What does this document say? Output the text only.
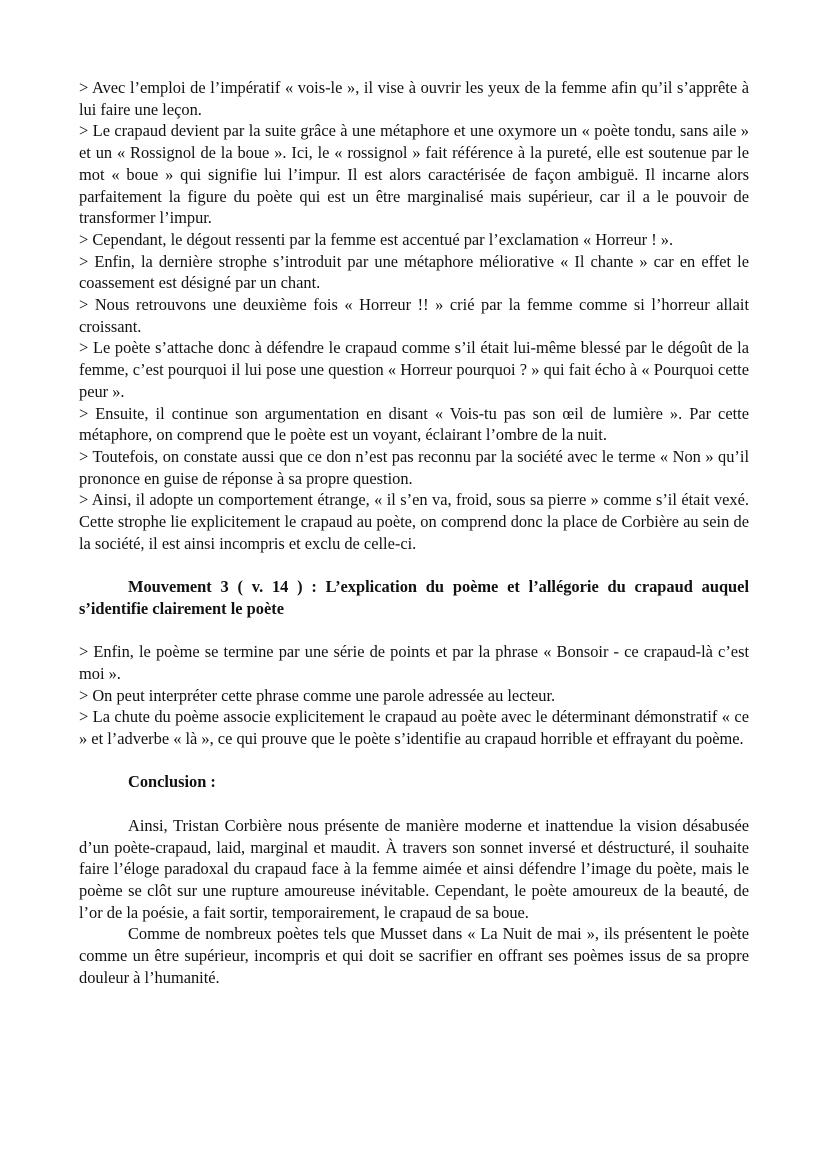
> Avec l’emploi de l’impératif « vois-le », il vise à ouvrir les yeux de la femme afin qu’il s’apprête à lui faire une leçon.

> Le crapaud devient par la suite grâce à une métaphore et une oxymore un « poète tondu, sans aile » et un « Rossignol de la boue ». Ici, le « rossignol » fait référence à la pureté, elle est soutenue par le mot « boue » qui signifie lui l’impur. Il est alors caractérisée de façon ambiguë. Il incarne alors parfaitement la figure du poète qui est un être marginalisé mais supérieur, car il a le pouvoir de transformer l’impur.

> Cependant, le dégout ressenti par la femme est accentué par l’exclamation « Horreur ! ».

> Enfin, la dernière strophe s’introduit par une métaphore méliorative « Il chante » car en effet le coassement est désigné par un chant.

> Nous retrouvons une deuxième fois « Horreur !! » crié par la femme comme si l’horreur allait croissant.

> Le poète s’attache donc à défendre le crapaud comme s’il était lui-même blessé par le dégoût de la femme, c’est pourquoi il lui pose une question « Horreur pourquoi ? » qui fait écho à « Pourquoi cette peur ».

> Ensuite, il continue son argumentation en disant « Vois-tu pas son œil de lumière ». Par cette métaphore, on comprend que le poète est un voyant, éclairant l’ombre de la nuit.

> Toutefois, on constate aussi que ce don n’est pas reconnu par la société avec le terme « Non » qu’il prononce en guise de réponse à sa propre question.

> Ainsi, il adopte un comportement étrange, « il s’en va, froid, sous sa pierre » comme s’il était vexé. Cette strophe lie explicitement le crapaud au poète, on comprend donc la place de Corbière au sein de la société, il est ainsi incompris et exclu de celle-ci.

Mouvement 3 ( v. 14 ) : L’explication du poème et l’allégorie du crapaud auquel s’identifie clairement le poète

> Enfin, le poème se termine par une série de points et par la phrase « Bonsoir - ce crapaud-là c’est moi ».

> On peut interpréter cette phrase comme une parole adressée au lecteur.

> La chute du poème associe explicitement le crapaud au poète avec le déterminant démonstratif « ce » et l’adverbe « là », ce qui prouve que le poète s’identifie au crapaud horrible et effrayant du poème.

Conclusion :

Ainsi, Tristan Corbière nous présente de manière moderne et inattendue la vision désabusée d’un poète-crapaud, laid, marginal et maudit. À travers son sonnet inversé et déstructuré, il souhaite faire l’éloge paradoxal du crapaud face à la femme aimée et ainsi défendre l’image du poète, mais le poème se clôt sur une rupture amoureuse inévitable. Cependant, le poète amoureux de la beauté, de l’or de la poésie, a fait sortir, temporairement, le crapaud de sa boue.

Comme de nombreux poètes tels que Musset dans « La Nuit de mai », ils présentent le poète comme un être supérieur, incompris et qui doit se sacrifier en offrant ses poèmes issus de sa propre douleur à l’humanité.
